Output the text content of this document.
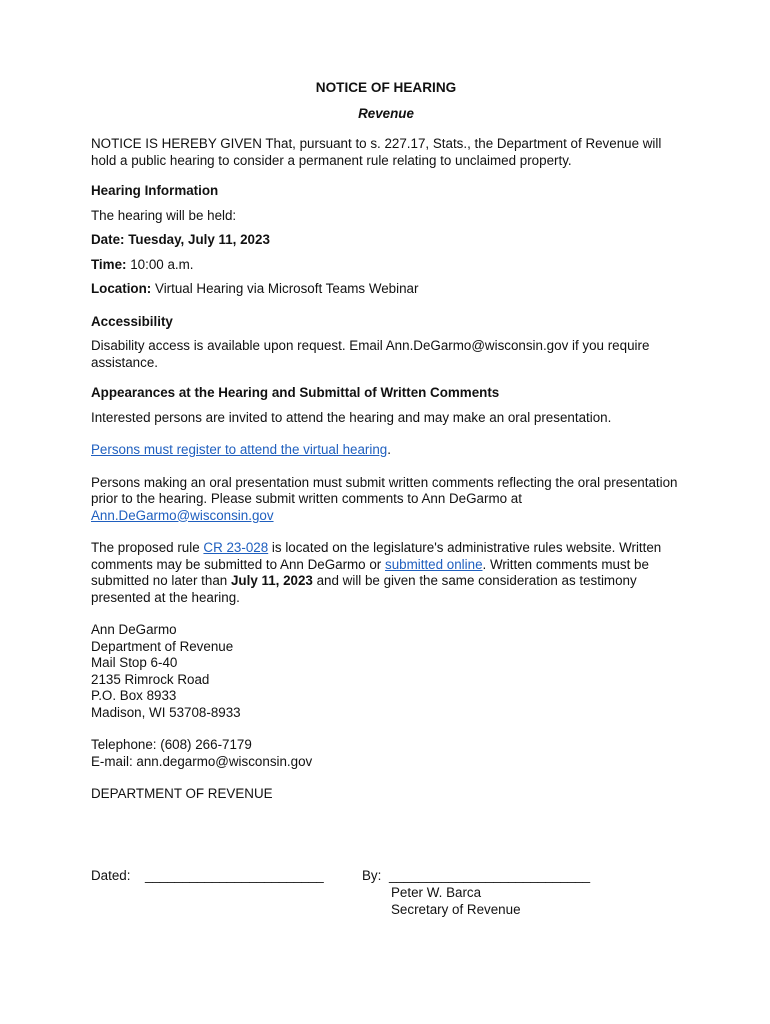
NOTICE OF HEARING
Revenue

NOTICE IS HEREBY GIVEN That, pursuant to s. 227.17, Stats., the Department of Revenue will hold a public hearing to consider a permanent rule relating to unclaimed property.

Hearing Information

The hearing will be held:

Date: Tuesday, July 11, 2023

Time: 10:00 a.m.

Location: Virtual Hearing via Microsoft Teams Webinar

Accessibility

Disability access is available upon request. Email Ann.DeGarmo@wisconsin.gov if you require assistance.

Appearances at the Hearing and Submittal of Written Comments

Interested persons are invited to attend the hearing and may make an oral presentation.

Persons must register to attend the virtual hearing.

Persons making an oral presentation must submit written comments reflecting the oral presentation prior to the hearing. Please submit written comments to Ann DeGarmo at Ann.DeGarmo@wisconsin.gov

The proposed rule CR 23-028 is located on the legislature's administrative rules website. Written comments may be submitted to Ann DeGarmo or submitted online. Written comments must be submitted no later than July 11, 2023 and will be given the same consideration as testimony presented at the hearing.

Ann DeGarmo
Department of Revenue
Mail Stop 6-40
2135 Rimrock Road
P.O. Box 8933
Madison, WI 53708-8933
Telephone: (608) 266-7179
E-mail: ann.degarmo@wisconsin.gov

DEPARTMENT OF REVENUE

Dated: ________________________	By: ___________________________
Peter W. Barca
Secretary of Revenue
